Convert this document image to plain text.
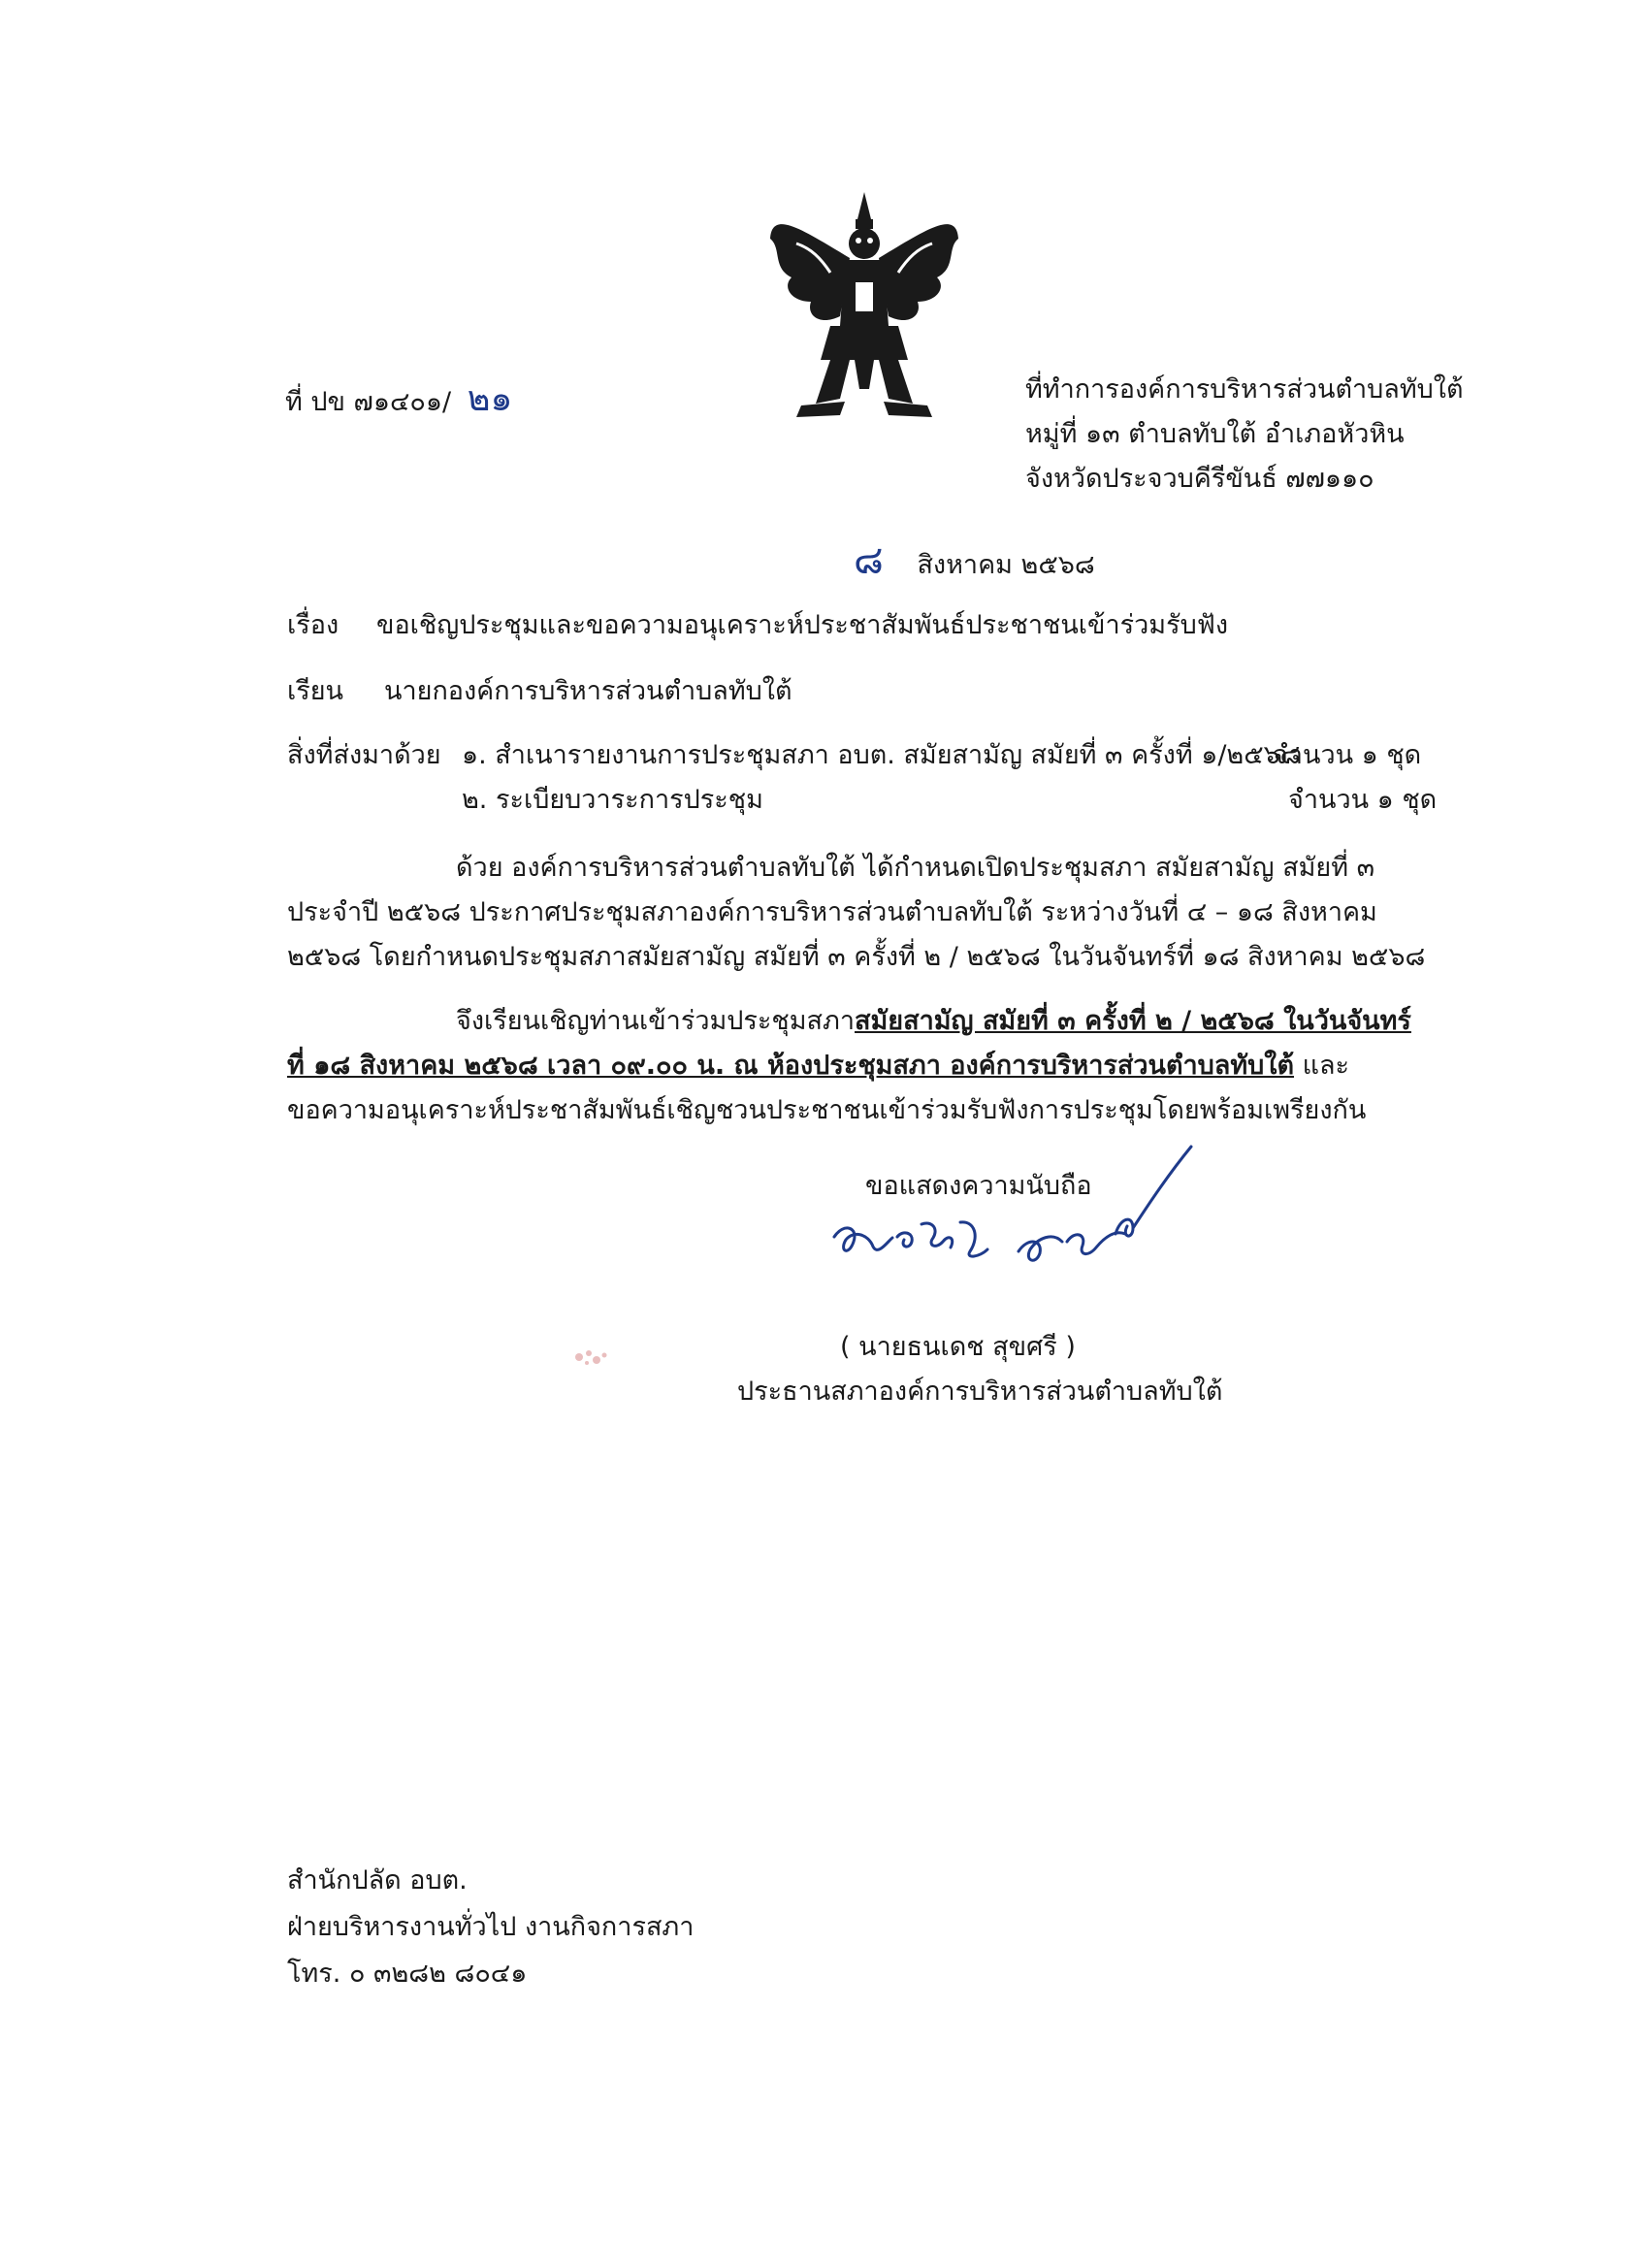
ที่ ปข ๗๑๔๐๑/ ๒๑	ที่ทำการองค์การบริหารส่วนตำบลทับใต้
หมู่ที่ ๑๓ ตำบลทับใต้ อำเภอหัวหิน
จังหวัดประจวบคีรีขันธ์ ๗๗๑๑๐
๘ สิงหาคม ๒๕๖๘
เรื่อง ขอเชิญประชุมและขอความอนุเคราะห์ประชาสัมพันธ์ประชาชนเข้าร่วมรับฟัง
เรียน นายกองค์การบริหารส่วนตำบลทับใต้
สิ่งที่ส่งมาด้วย ๑. สำเนารายงานการประชุมสภา อบต. สมัยสามัญ สมัยที่ ๓ ครั้งที่ ๑/๒๕๖๘
จำนวน ๑ ชุด
๒. ระเบียบวาระการประชุม	จำนวน ๑ ชุด
ด้วย องค์การบริหารส่วนตำบลทับใต้ ได้กำหนดเปิดประชุมสภา สมัยสามัญ สมัยที่ ๓
ประจำปี ๒๕๖๘ ประกาศประชุมสภาองค์การบริหารส่วนตำบลทับใต้ ระหว่างวันที่ ๔ – ๑๘ สิงหาคม
๒๕๖๘ โดยกำหนดประชุมสภาสมัยสามัญ สมัยที่ ๓ ครั้งที่ ๒ / ๒๕๖๘ ในวันจันทร์ที่ ๑๘ สิงหาคม ๒๕๖๘
จึงเรียนเชิญท่านเข้าร่วมประชุมสภาสมัยสามัญ สมัยที่ ๓ ครั้งที่ ๒ / ๒๕๖๘ ในวันจันทร์
ที่ ๑๘ สิงหาคม ๒๕๖๘ เวลา ๐๙.๐๐ น. ณ ห้องประชุมสภา องค์การบริหารส่วนตำบลทับใต้ และ
ขอความอนุเคราะห์ประชาสัมพันธ์เชิญชวนประชาชนเข้าร่วมรับฟังการประชุมโดยพร้อมเพรียงกัน
ขอแสดงความนับถือ
( นายธนเดช สุขศรี )
ประธานสภาองค์การบริหารส่วนตำบลทับใต้
สำนักปลัด อบต.
ฝ่ายบริหารงานทั่วไป งานกิจการสภา
โทร. ๐ ๓๒๘๒ ๘๐๔๑
